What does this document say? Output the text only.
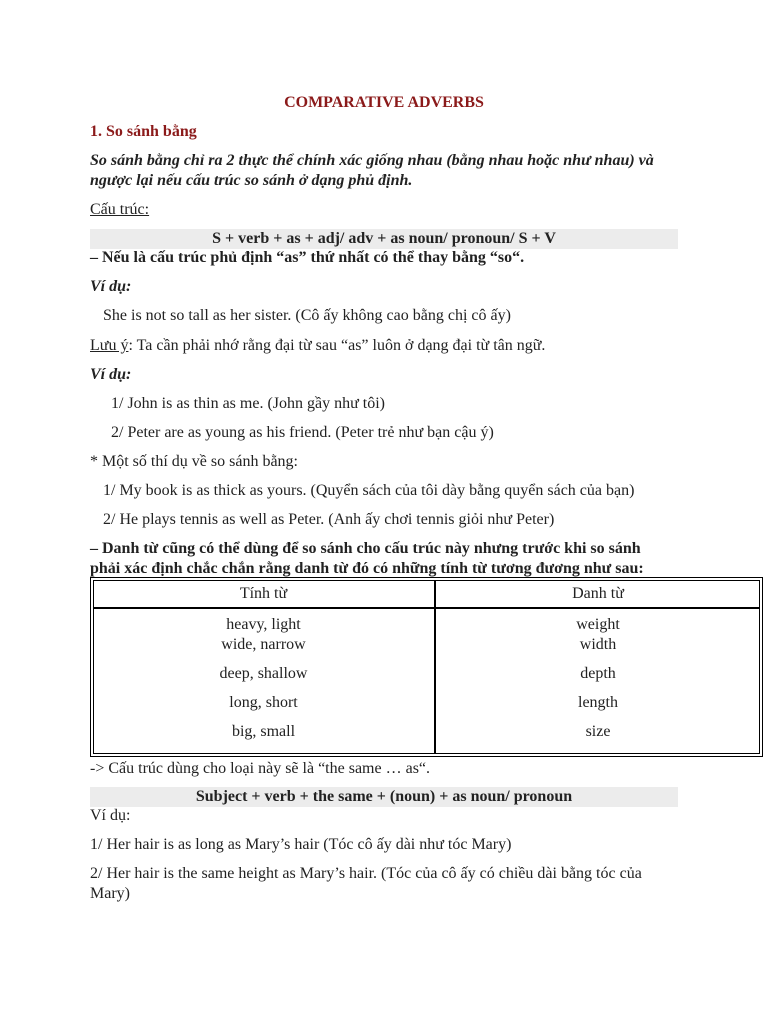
COMPARATIVE ADVERBS
1. So sánh bằng
So sánh bằng chỉ ra 2 thực thể chính xác giống nhau (bằng nhau hoặc như nhau) và
ngược lại nếu cấu trúc so sánh ở dạng phủ định.
Cấu trúc:
S + verb + as + adj/ adv + as noun/ pronoun/ S + V
– Nếu là cấu trúc phủ định “as” thứ nhất có thể thay bằng “so“.
Ví dụ:
She is not so tall as her sister. (Cô ấy không cao bằng chị cô ấy)
Lưu ý: Ta cần phải nhớ rằng đại từ sau “as” luôn ở dạng đại từ tân ngữ.
Ví dụ:
1/ John is as thin as me. (John gầy như tôi)
2/ Peter are as young as his friend. (Peter trẻ như bạn cậu ý)
* Một số thí dụ về so sánh bằng:
1/ My book is as thick as yours. (Quyển sách của tôi dày bằng quyển sách của bạn)
2/ He plays tennis as well as Peter. (Anh ấy chơi tennis giỏi như Peter)
– Danh từ cũng có thể dùng để so sánh cho cấu trúc này nhưng trước khi so sánh
phải xác định chắc chắn rằng danh từ đó có những tính từ tương đương như sau:
Tính từ	Danh từ
heavy, light	weight
wide, narrow	width
deep, shallow	depth
long, short	length
big, small	size
-> Cấu trúc dùng cho loại này sẽ là “the same … as“.
Subject + verb + the same + (noun) + as noun/ pronoun
Ví dụ:
1/ Her hair is as long as Mary’s hair (Tóc cô ấy dài như tóc Mary)
2/ Her hair is the same height as Mary’s hair. (Tóc của cô ấy có chiều dài bằng tóc của
Mary)
